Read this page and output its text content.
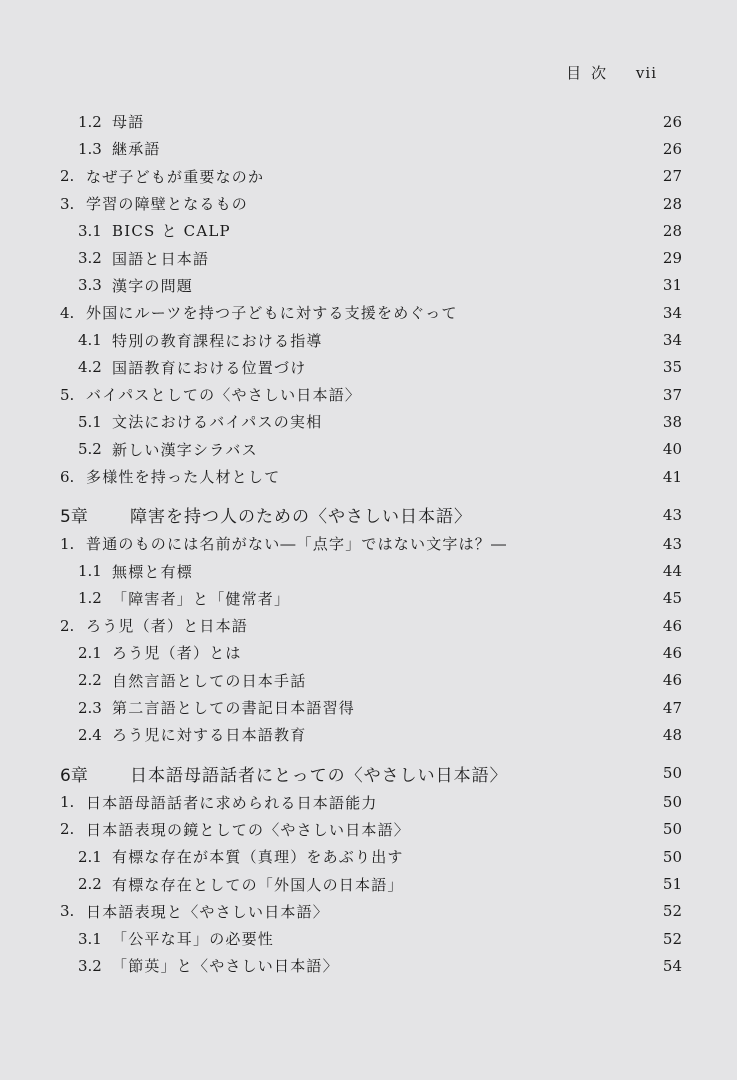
目次 vii
1.2 母語	26
1.3 継承語	26
2. なぜ子どもが重要なのか	27
3. 学習の障壁となるもの	28
3.1 BICS と CALP	28
3.2 国語と日本語	29
3.3 漢字の問題	31
4. 外国にルーツを持つ子どもに対する支援をめぐって	34
4.1 特別の教育課程における指導	34
4.2 国語教育における位置づけ	35
5. バイパスとしての〈やさしい日本語〉	37
5.1 文法におけるバイパスの実相	38
5.2 新しい漢字シラバス	40
6. 多様性を持った人材として	41
5章	障害を持つ人のための〈やさしい日本語〉	43
1. 普通のものには名前がない―「点字」ではない文字は？―	43
1.1 無標と有標	44
1.2 「障害者」と「健常者」	45
2. ろう児（者）と日本語	46
2.1 ろう児（者）とは	46
2.2 自然言語としての日本手話	46
2.3 第二言語としての書記日本語習得	47
2.4 ろう児に対する日本語教育	48
6章	日本語母語話者にとっての〈やさしい日本語〉	50
1. 日本語母語話者に求められる日本語能力	50
2. 日本語表現の鏡としての〈やさしい日本語〉	50
2.1 有標な存在が本質（真理）をあぶり出す	50
2.2 有標な存在としての「外国人の日本語」	51
3. 日本語表現と〈やさしい日本語〉	52
3.1 「公平な耳」の必要性	52
3.2 「節英」と〈やさしい日本語〉	54
